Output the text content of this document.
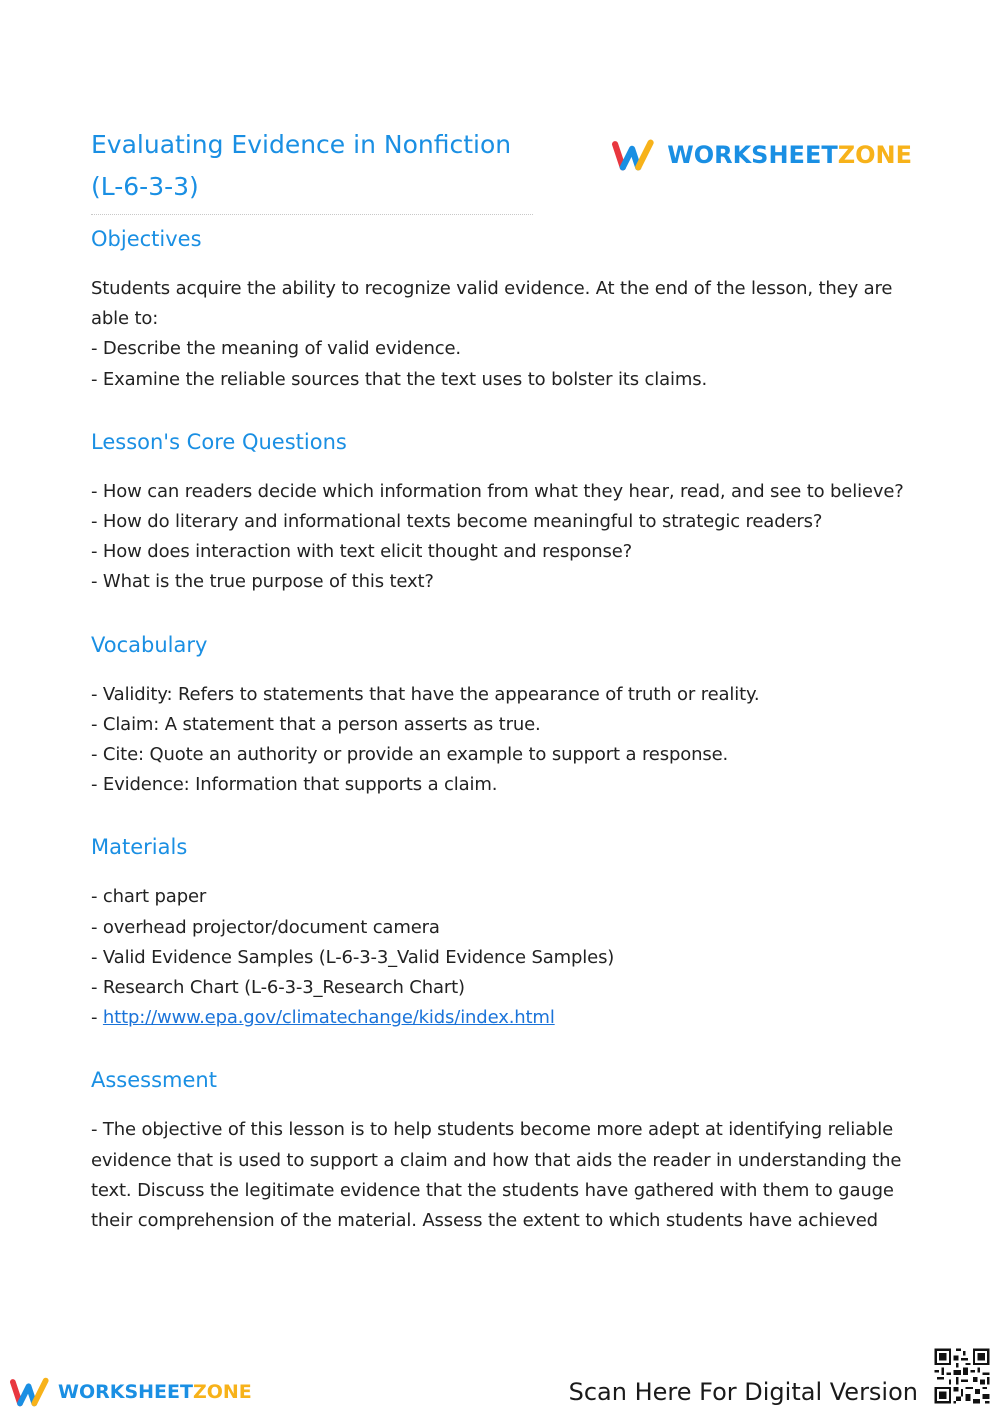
Evaluating Evidence in Nonfiction
(L-6-3-3)
WORKSHEETZONE
Objectives

Students acquire the ability to recognize valid evidence. At the end of the lesson, they are able to:

- Describe the meaning of valid evidence.

- Examine the reliable sources that the text uses to bolster its claims.

Lesson's Core Questions

- How can readers decide which information from what they hear, read, and see to believe?

- How do literary and informational texts become meaningful to strategic readers?

- How does interaction with text elicit thought and response?

- What is the true purpose of this text?

Vocabulary

- Validity: Refers to statements that have the appearance of truth or reality.

- Claim: A statement that a person asserts as true.

- Cite: Quote an authority or provide an example to support a response.

- Evidence: Information that supports a claim.

Materials

- chart paper

- overhead projector/document camera

- Valid Evidence Samples (L-6-3-3_Valid Evidence Samples)

- Research Chart (L-6-3-3_Research Chart)

- http://www.epa.gov/climatechange/kids/index.html

Assessment

- The objective of this lesson is to help students become more adept at identifying reliable evidence that is used to support a claim and how that aids the reader in understanding the text. Discuss the legitimate evidence that the students have gathered with them to gauge their comprehension of the material. Assess the extent to which students have achieved

WORKSHEETZONE	Scan Here For Digital Version
